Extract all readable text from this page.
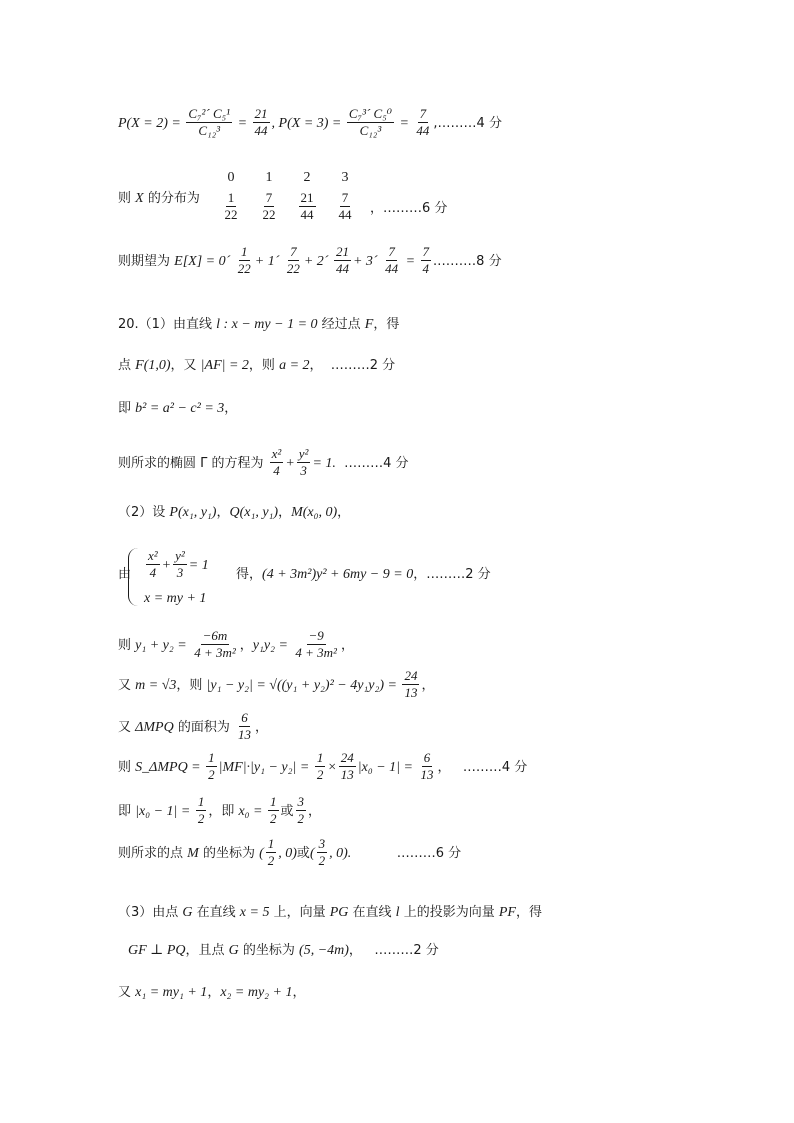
$P(X = 2) = \frac{\text{C₇²´ C₅¹}}{\text{C₁₂³}} = \frac{21}{44}$ , $P(X = 3) = \frac{\text{C₇³´ C₅⁰}}{\text{C₁₂³}} = \frac{7}{44}$ ,………4 分
则 X 的分布为
则期望为 E[X] = 0´ $\frac{1}{22}$ + 1´ $\frac{7}{22}$ + 2´ $\frac{21}{44}$ + 3´ $\frac{7}{44} = \frac{7}{4}$ .………8 分
20.（1）由直线 l : x − my − 1 = 0 经过点 F，得
点 F(1,0)，又 |AF| = 2，则 a = 2，  ………2 分
即 b² = a² − c² = 3，
则所求的椭圆 Γ 的方程为 $\frac{\text{x²}}{4} + \frac{\text{y²}}{3} = 1$.  ………4 分
（2）设 P(x₁, y₁)，Q(x₁, y₁)，M(x₀, 0)，
$\frac{\text{x²}}{4} + \frac{\text{y²}}{3} = 1$
由	得，(4 + 3m²)y² + 6my − 9 = 0，………2 分
x = my + 1
则 $y_1 + y_2 = \frac{-6m}{\text{4 + 3m²}}$ ，$y_1y_2 = \frac{-9}{\text{4 + 3m²}}$ ，
又 m = √3，则 $|y_1 - y_2| = √((y_1 + y_2)^2 - 4y_1y_2) = \frac{24}{13}$ ，
又 ΔMPQ 的面积为 $\frac{6}{13}$ ，
则 S_ΔMPQ = $\frac{1}{2} |MF|\cdot|y_1 - y_2| = \frac{1}{2} \times \frac{24}{13} |x_0 - 1| = \frac{6}{13}$ ，   ………4 分
即 $|x_0 - 1| = \frac{1}{2}$ ，即 $x_0 = \frac{1}{2}$ 或 $\frac{3}{2}$ ，
则所求的点 M 的坐标为 ( $\frac{1}{2}$ , 0)或( $\frac{3}{2}$ , 0).           ………6 分
（3）由点 G 在直线 x = 5 上，向量 PG 在直线 l 上的投影为向量 PF，得
GF ⊥ PQ，且点 G 的坐标为 (5, −4m)，   ………2 分
又 x₁ = my₁ + 1，x₂ = my₂ + 1，
0	1	2	3
$\frac{1}{22} \frac{7}{22} \frac{21}{44} \frac{7}{44}$ ，………6 分
